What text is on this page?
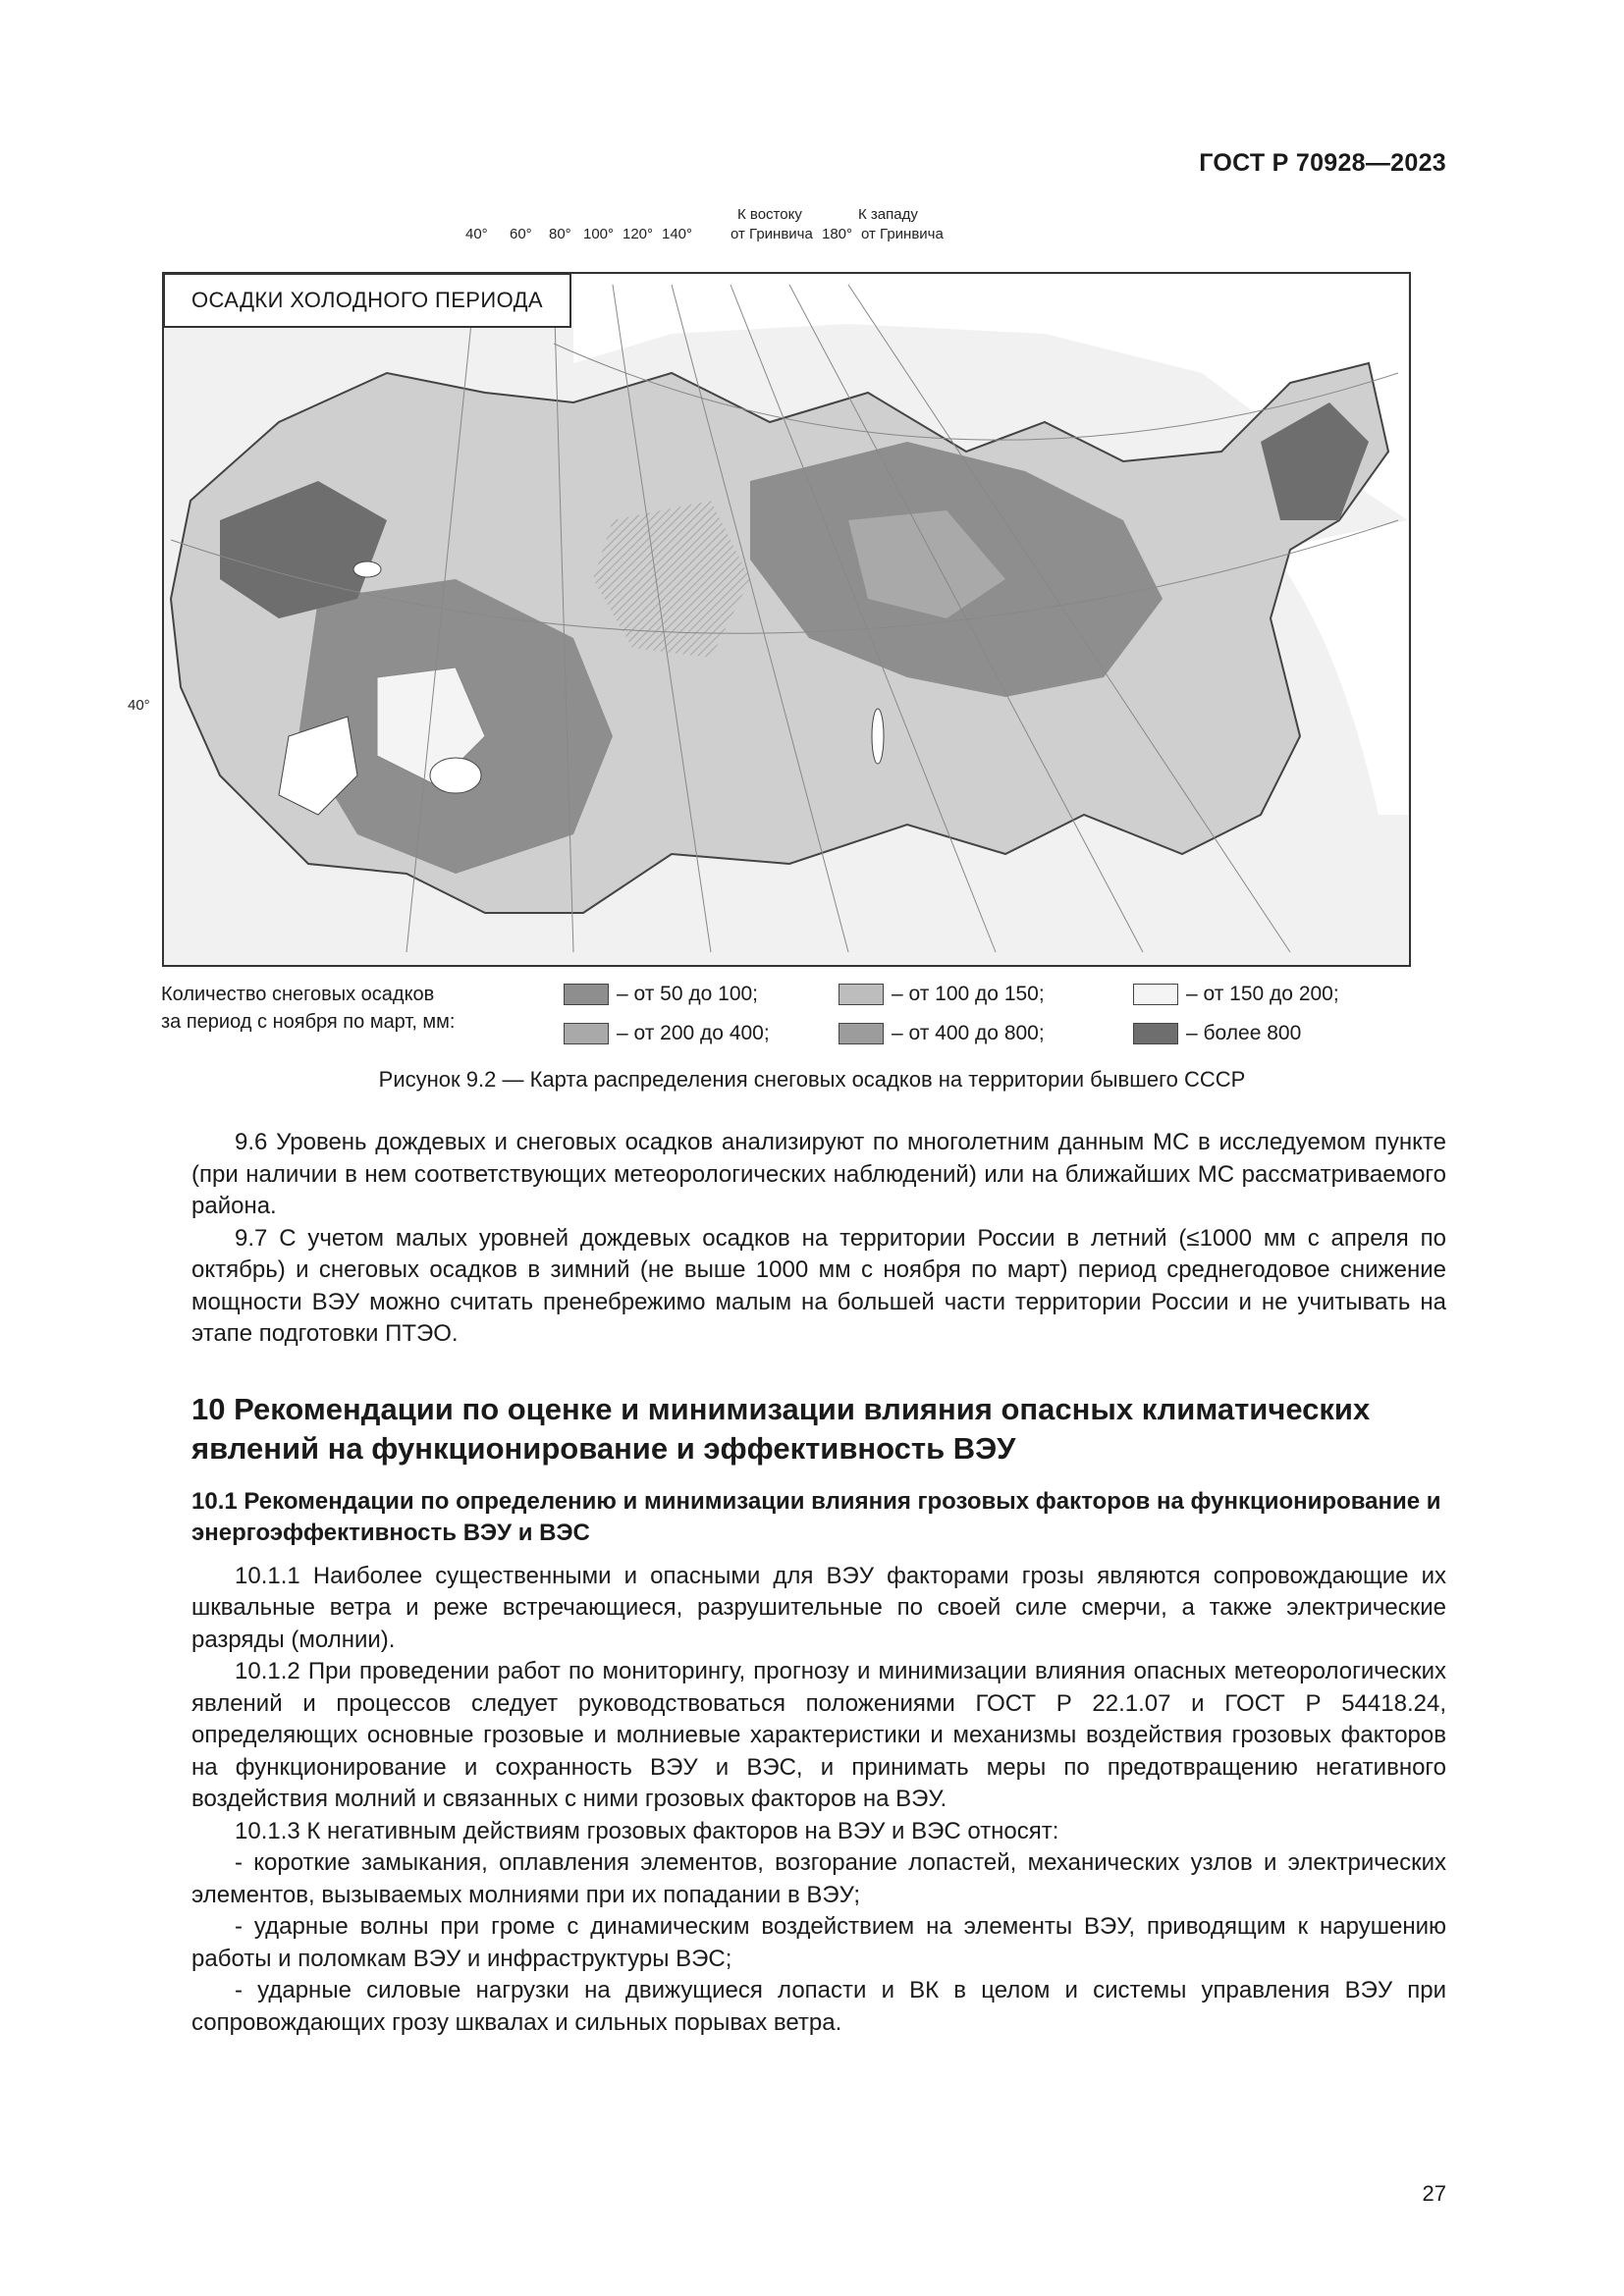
ГОСТ Р 70928—2023
ОСАДКИ ХОЛОДНОГО ПЕРИОДА
40° 60° 80° 100° 120° 140°
К востоку
от Гринвича
К западу
180° от Гринвича
40°
Количество снеговых осадков
за период с ноября по март, мм:
– от 50 до 100;	– от 100 до 150;	– от 150 до 200;
– от 200 до 400;	– от 400 до 800;	– более 800
Рисунок 9.2 — Карта распределения снеговых осадков на территории бывшего СССР

9.6 Уровень дождевых и снеговых осадков анализируют по многолетним данным МС в исследуемом пункте (при наличии в нем соответствующих метеорологических наблюдений) или на ближайших МС рассматриваемого района.

9.7 С учетом малых уровней дождевых осадков на территории России в летний (≤1000 мм с апреля по октябрь) и снеговых осадков в зимний (не выше 1000 мм с ноября по март) период среднегодовое снижение мощности ВЭУ можно считать пренебрежимо малым на большей части территории России и не учитывать на этапе подготовки ПТЭО.

10 Рекомендации по оценке и минимизации влияния опасных климатических явлений на функционирование и эффективность ВЭУ
10.1 Рекомендации по определению и минимизации влияния грозовых факторов на функционирование и энергоэффективность ВЭУ и ВЭС

10.1.1 Наиболее существенными и опасными для ВЭУ факторами грозы являются сопровождающие их шквальные ветра и реже встречающиеся, разрушительные по своей силе смерчи, а также электрические разряды (молнии).

10.1.2 При проведении работ по мониторингу, прогнозу и минимизации влияния опасных метеорологических явлений и процессов следует руководствоваться положениями ГОСТ Р 22.1.07 и ГОСТ Р 54418.24, определяющих основные грозовые и молниевые характеристики и механизмы воздействия грозовых факторов на функционирование и сохранность ВЭУ и ВЭС, и принимать меры по предотвращению негативного воздействия молний и связанных с ними грозовых факторов на ВЭУ.

10.1.3 К негативным действиям грозовых факторов на ВЭУ и ВЭС относят:

- короткие замыкания, оплавления элементов, возгорание лопастей, механических узлов и электрических элементов, вызываемых молниями при их попадании в ВЭУ;

- ударные волны при громе с динамическим воздействием на элементы ВЭУ, приводящим к нарушению работы и поломкам ВЭУ и инфраструктуры ВЭС;

- ударные силовые нагрузки на движущиеся лопасти и ВК в целом и системы управления ВЭУ при сопровождающих грозу шквалах и сильных порывах ветра.

27
